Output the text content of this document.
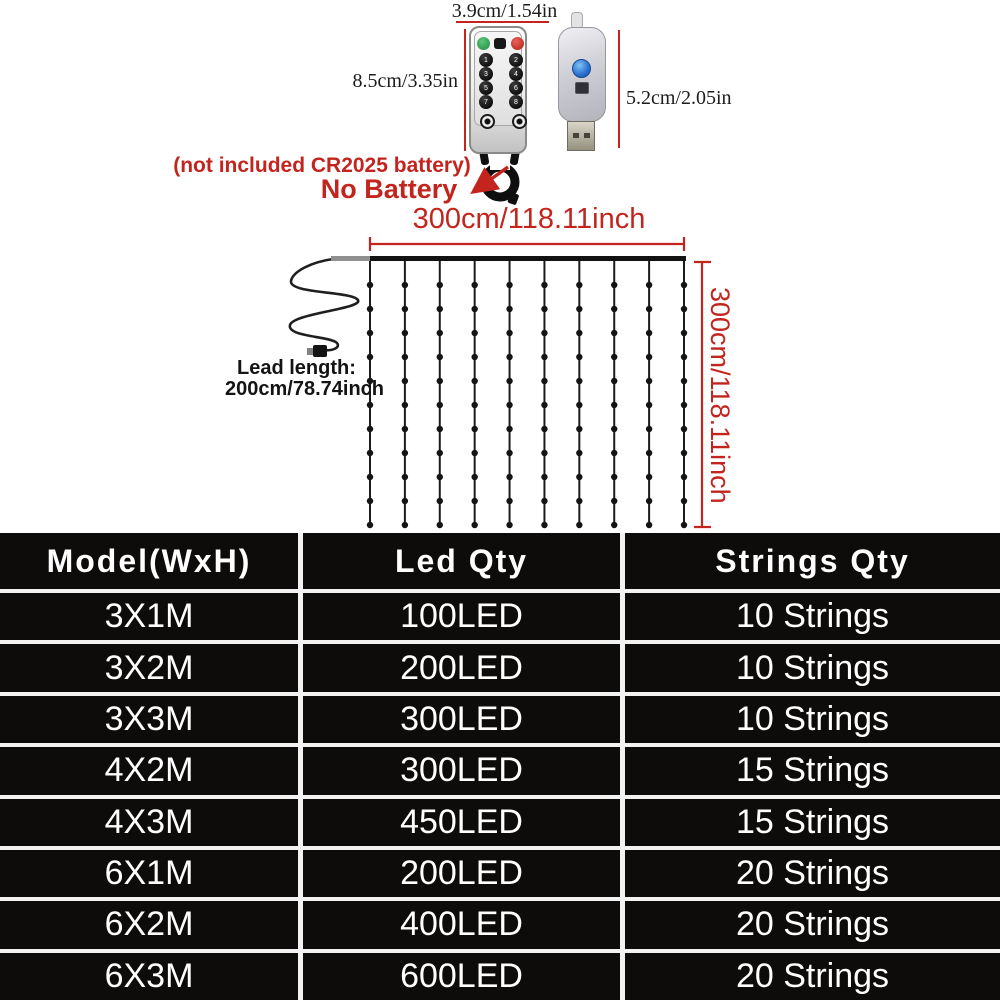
1	2
3	4
5	6
7	8
3.9cm/1.54in
8.5cm/3.35in
5.2cm/2.05in
(not included CR2025 battery)
No Battery
300cm/118.11inch
300cm/118.11inch
Lead length:
200cm/78.74inch
Model(WxH)	Led Qty	Strings Qty
3X1M	100LED	10 Strings
3X2M	200LED	10 Strings
3X3M	300LED	10 Strings
4X2M	300LED	15 Strings
4X3M	450LED	15 Strings
6X1M	200LED	20 Strings
6X2M	400LED	20 Strings
6X3M	600LED	20 Strings
